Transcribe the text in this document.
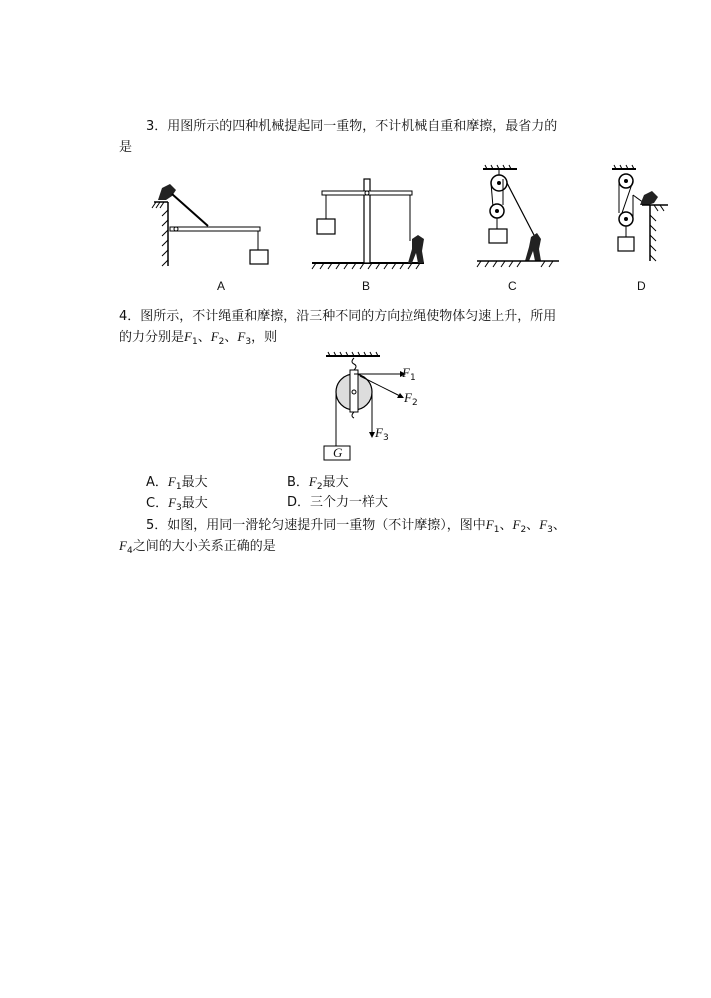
3．用图所示的四种机械提起同一重物，不计机械自重和摩擦，最省力的
是
A	B	C	D
4．图所示，不计绳重和摩擦，沿三种不同的方向拉绳使物体匀速上升，所用
的力分别是$F_1$、$F_2$、$F_3$，则
$F_1$
$F_2$
$F_3$
G
A．$F_1$最大	B．$F_2$最大
C．$F_3$最大	D．三个力一样大
5．如图，用同一滑轮匀速提升同一重物（不计摩擦），图中$F_1$、$F_2$、$F_3$、
$F_4$之间的大小关系正确的是
